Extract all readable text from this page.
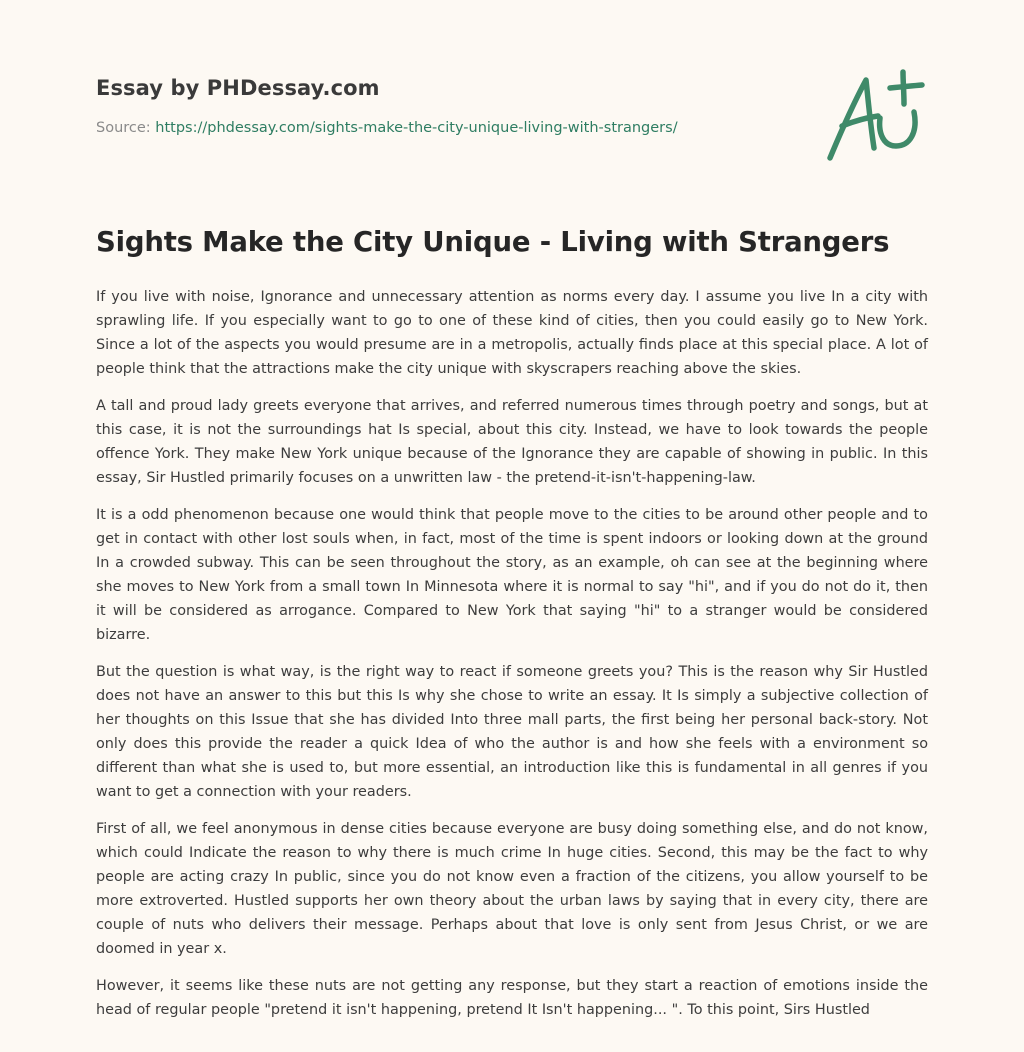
Essay by PHDessay.com
Source: https://phdessay.com/sights-make-the-city-unique-living-with-strangers/
Sights Make the City Unique - Living with Strangers

If you live with noise, Ignorance and unnecessary attention as norms every day. I assume you live In a city with sprawling life. If you especially want to go to one of these kind of cities, then you could easily go to New York. Since a lot of the aspects you would presume are in a metropolis, actually finds place at this special place. A lot of people think that the attractions make the city unique with skyscrapers reaching above the skies.

A tall and proud lady greets everyone that arrives, and referred numerous times through poetry and songs, but at this case, it is not the surroundings hat Is special, about this city. Instead, we have to look towards the people offence York. They make New York unique because of the Ignorance they are capable of showing in public. In this essay, Sir Hustled primarily focuses on a unwritten law - the pretend-it-isn't-happening-law.

It is a odd phenomenon because one would think that people move to the cities to be around other people and to get in contact with other lost souls when, in fact, most of the time is spent indoors or looking down at the ground In a crowded subway. This can be seen throughout the story, as an example, oh can see at the beginning where she moves to New York from a small town In Minnesota where it is normal to say "hi", and if you do not do it, then it will be considered as arrogance. Compared to New York that saying "hi" to a stranger would be considered bizarre.

But the question is what way, is the right way to react if someone greets you? This is the reason why Sir Hustled does not have an answer to this but this Is why she chose to write an essay. It Is simply a subjective collection of her thoughts on this Issue that she has divided Into three mall parts, the first being her personal back-story. Not only does this provide the reader a quick Idea of who the author is and how she feels with a environment so different than what she is used to, but more essential, an introduction like this is fundamental in all genres if you want to get a connection with your readers.

First of all, we feel anonymous in dense cities because everyone are busy doing something else, and do not know, which could Indicate the reason to why there is much crime In huge cities. Second, this may be the fact to why people are acting crazy In public, since you do not know even a fraction of the citizens, you allow yourself to be more extroverted. Hustled supports her own theory about the urban laws by saying that in every city, there are couple of nuts who delivers their message. Perhaps about that love is only sent from Jesus Christ, or we are doomed in year x.

However, it seems like these nuts are not getting any response, but they start a reaction of emotions inside the head of regular people "pretend it isn't happening, pretend It Isn't happening... ". To this point, Sirs Hustled
